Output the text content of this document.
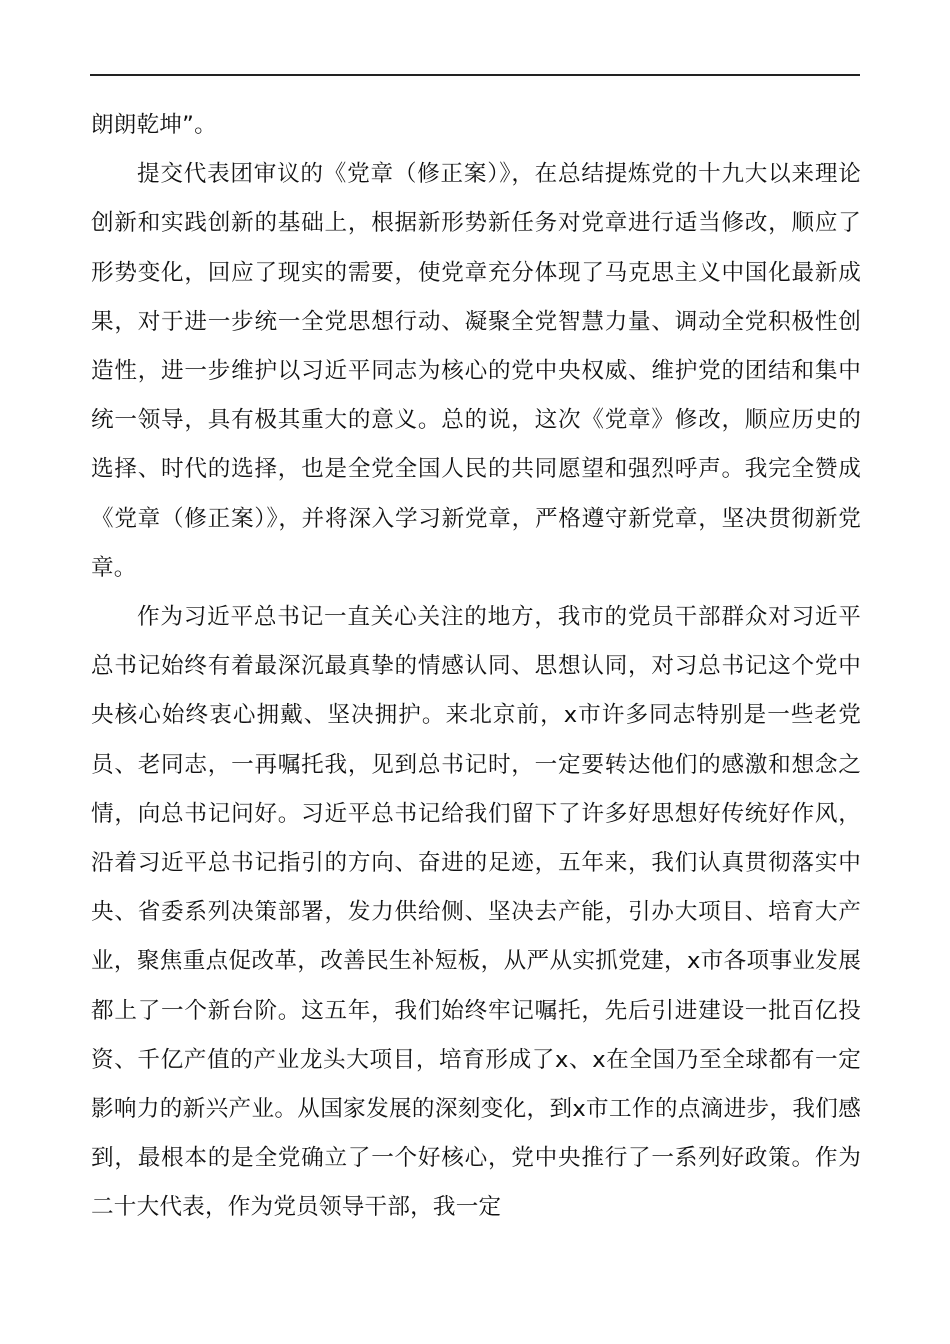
朗朗乾坤”。

提交代表团审议的《党章（修正案）》，在总结提炼党的十九大以来理论创新和实践创新的基础上，根据新形势新任务对党章进行适当修改，顺应了形势变化，回应了现实的需要，使党章充分体现了马克思主义中国化最新成果，对于进一步统一全党思想行动、凝聚全党智慧力量、调动全党积极性创造性，进一步维护以习近平同志为核心的党中央权威、维护党的团结和集中统一领导，具有极其重大的意义。总的说，这次《党章》修改，顺应历史的选择、时代的选择，也是全党全国人民的共同愿望和强烈呼声。我完全赞成《党章（修正案）》，并将深入学习新党章，严格遵守新党章，坚决贯彻新党章。

作为习近平总书记一直关心关注的地方，我市的党员干部群众对习近平总书记始终有着最深沉最真挚的情感认同、思想认同，对习总书记这个党中央核心始终衷心拥戴、坚决拥护。来北京前，x市许多同志特别是一些老党员、老同志，一再嘱托我，见到总书记时，一定要转达他们的感激和想念之情，向总书记问好。习近平总书记给我们留下了许多好思想好传统好作风，沿着习近平总书记指引的方向、奋进的足迹，五年来，我们认真贯彻落实中央、省委系列决策部署，发力供给侧、坚决去产能，引办大项目、培育大产业，聚焦重点促改革，改善民生补短板，从严从实抓党建，x市各项事业发展都上了一个新台阶。这五年，我们始终牢记嘱托，先后引进建设一批百亿投资、千亿产值的产业龙头大项目，培育形成了x、x在全国乃至全球都有一定影响力的新兴产业。从国家发展的深刻变化，到x市工作的点滴进步，我们感到，最根本的是全党确立了一个好核心，党中央推行了一系列好政策。作为二十大代表，作为党员领导干部，我一定
